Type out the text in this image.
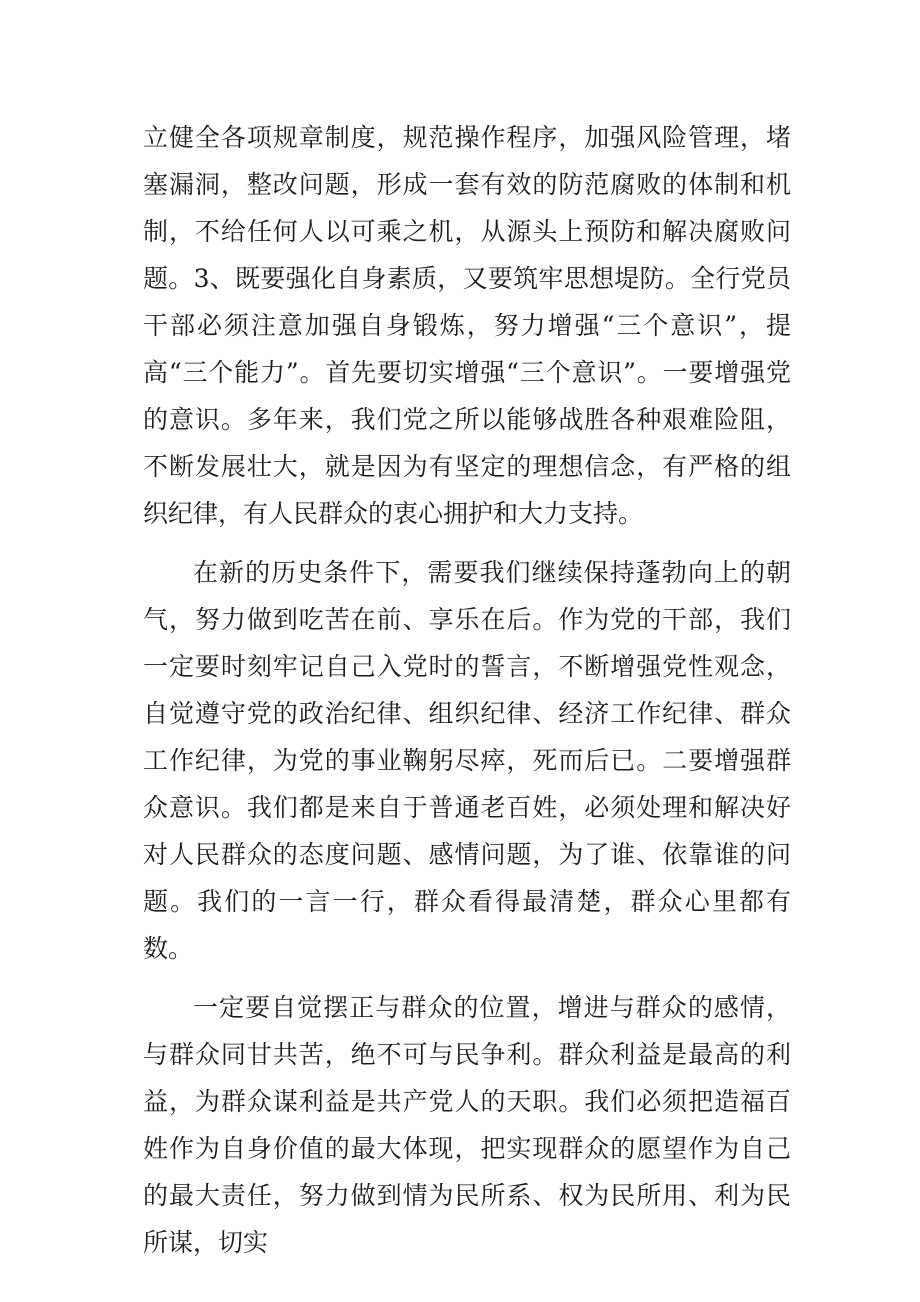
立健全各项规章制度，规范操作程序，加强风险管理，堵塞漏洞，整改问题，形成一套有效的防范腐败的体制和机制，不给任何人以可乘之机，从源头上预防和解决腐败问题。3、既要强化自身素质，又要筑牢思想堤防。全行党员干部必须注意加强自身锻炼，努力增强“三个意识”，提高“三个能力”。首先要切实增强“三个意识”。一要增强党的意识。多年来，我们党之所以能够战胜各种艰难险阻，不断发展壮大，就是因为有坚定的理想信念，有严格的组织纪律，有人民群众的衷心拥护和大力支持。

在新的历史条件下，需要我们继续保持蓬勃向上的朝气，努力做到吃苦在前、享乐在后。作为党的干部，我们一定要时刻牢记自己入党时的誓言，不断增强党性观念，自觉遵守党的政治纪律、组织纪律、经济工作纪律、群众工作纪律，为党的事业鞠躬尽瘁，死而后已。二要增强群众意识。我们都是来自于普通老百姓，必须处理和解决好对人民群众的态度问题、感情问题，为了谁、依靠谁的问题。我们的一言一行，群众看得最清楚，群众心里都有数。

一定要自觉摆正与群众的位置，增进与群众的感情，与群众同甘共苦，绝不可与民争利。群众利益是最高的利益，为群众谋利益是共产党人的天职。我们必须把造福百姓作为自身价值的最大体现，把实现群众的愿望作为自己的最大责任，努力做到情为民所系、权为民所用、利为民所谋，切实
